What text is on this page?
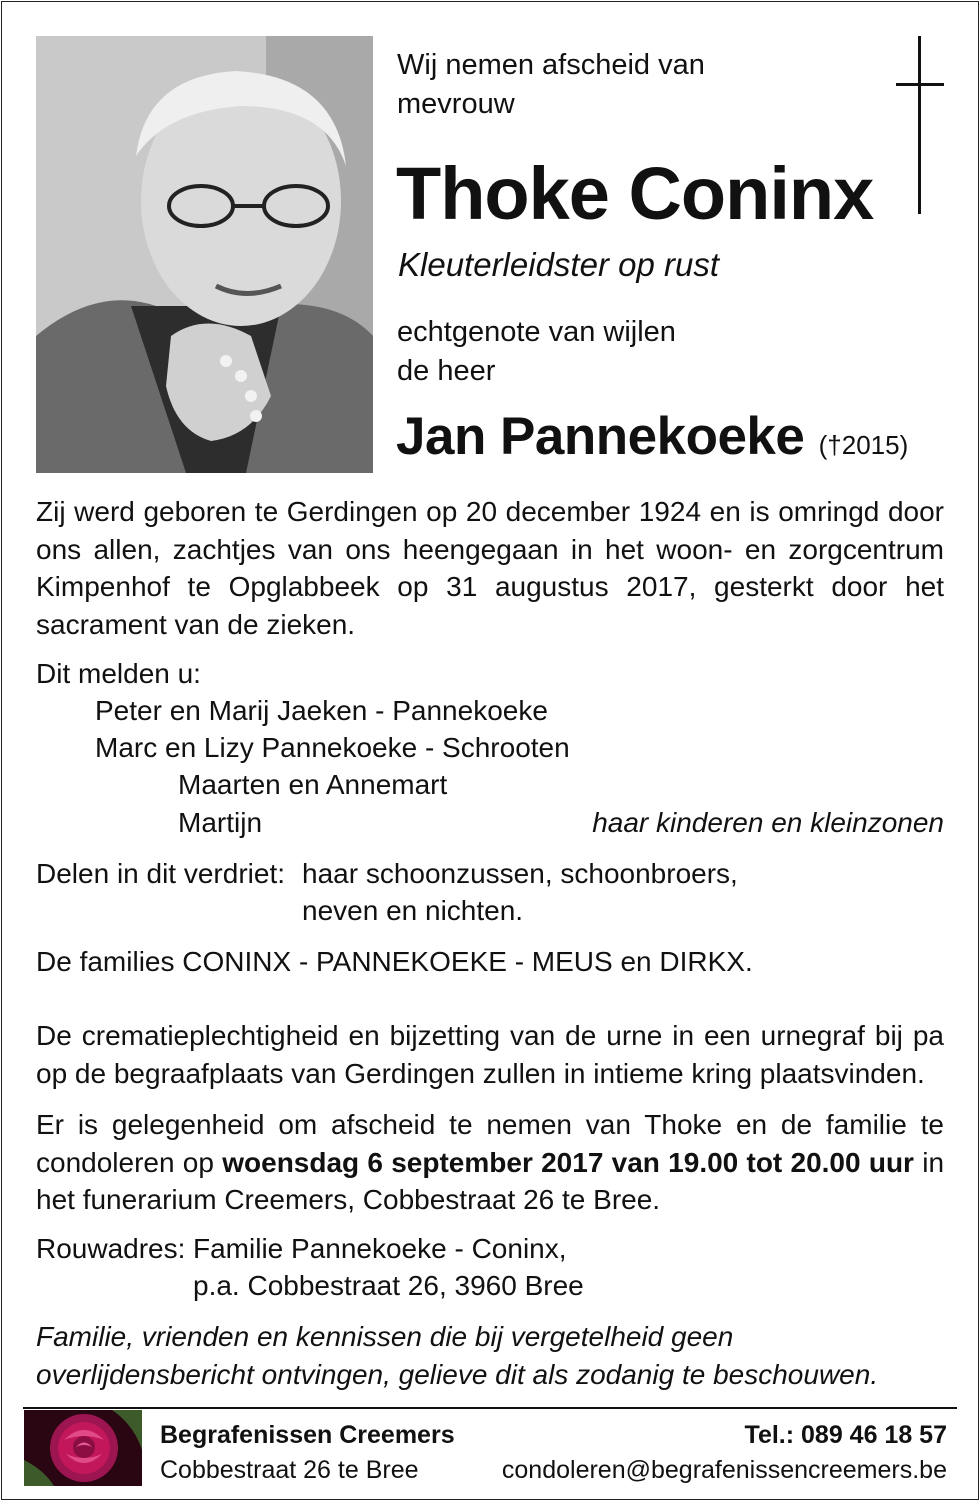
Wij nemen afscheid van
mevrouw
Thoke Coninx
Kleuterleidster op rust
echtgenote van wijlen
de heer
Jan Pannekoeke (†2015)
Zij werd geboren te Gerdingen op 20 december 1924 en is omringd door ons allen, zachtjes van ons heengegaan in het woon- en zorgcentrum Kimpenhof te Opglabbeek op 31 augustus 2017, gesterkt door het sacrament van de zieken.
Dit melden u:
Peter en Marij Jaeken - Pannekoeke
Marc en Lizy Pannekoeke - Schrooten
Maarten en Annemart
Martijn	haar kinderen en kleinzonen
Delen in dit verdriet: haar schoonzussen, schoonbroers,
neven en nichten.
De families CONINX - PANNEKOEKE - MEUS en DIRKX.
De crematieplechtigheid en bijzetting van de urne in een urnegraf bij pa op de begraafplaats van Gerdingen zullen in intieme kring plaatsvinden.
Er is gelegenheid om afscheid te nemen van Thoke en de familie te condoleren op woensdag 6 september 2017 van 19.00 tot 20.00 uur in het funerarium Creemers, Cobbestraat 26 te Bree.
Rouwadres: Familie Pannekoeke - Coninx,
p.a. Cobbestraat 26, 3960 Bree
Familie, vrienden en kennissen die bij vergetelheid geen overlijdensbericht ontvingen, gelieve dit als zodanig te beschouwen.
Begrafenissen Creemers
Cobbestraat 26 te Bree
Tel.: 089 46 18 57
condoleren@begrafenissencreemers.be
